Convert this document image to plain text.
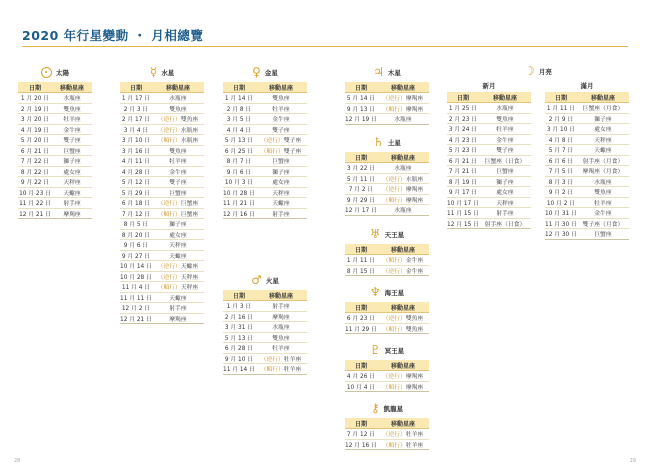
2020 年行星變動 ・ 月相總覽
太陽
日期	移動星座
1 月 20 日	水瓶座
2 月 19 日	雙魚座
3 月 20 日	牡羊座
4 月 19 日	金牛座
5 月 20 日	雙子座
6 月 21 日	巨蟹座
7 月 22 日	獅子座
8 月 22 日	處女座
9 月 22 日	天秤座
10 月 23 日	天蠍座
11 月 22 日	射手座
12 月 21 日	摩羯座
☿ 水星
日期	移動星座
1 月 17 日	水瓶座
2 月 3 日	雙魚座
2 月 17 日	（逆行）雙魚座
3 月 4 日	（逆行）水瓶座
3 月 10 日	（順行）水瓶座
3 月 16 日	雙魚座
4 月 11 日	牡羊座
4 月 28 日	金牛座
5 月 12 日	雙子座
5 月 29 日	巨蟹座
6 月 18 日	（逆行）巨蟹座
7 月 12 日	（順行）巨蟹座
8 月 5 日	獅子座
8 月 20 日	處女座
9 月 6 日	天秤座
9 月 27 日	天蠍座
10 月 14 日	（逆行）天蠍座
10 月 28 日	（逆行）天秤座
11 月 4 日	（順行）天秤座
11 月 11 日	天蠍座
12 月 2 日	射手座
12 月 21 日	摩羯座
♀ 金星
日期	移動星座
1 月 14 日	雙魚座
2 月 8 日	牡羊座
3 月 5 日	金牛座
4 月 4 日	雙子座
5 月 13 日	（逆行）雙子座
6 月 25 日	（順行）雙子座
8 月 7 日	巨蟹座
9 月 6 日	獅子座
10 月 3 日	處女座
10 月 28 日	天秤座
11 月 21 日	天蠍座
12 月 16 日	射手座
♂ 火星
日期	移動星座
1 月 3 日	射手座
2 月 16 日	摩羯座
3 月 31 日	水瓶座
5 月 13 日	雙魚座
6 月 28 日	牡羊座
9 月 10 日	（逆行）牡羊座
11 月 14 日	（順行）牡羊座
♃ 木星
日期	移動星座
5 月 14 日	（逆行）摩羯座
9 月 13 日	（順行）摩羯座
12 月 19 日	水瓶座
♄ 土星
日期	移動星座
3 月 22 日	水瓶座
5 月 11 日	（逆行）水瓶座
7 月 2 日	（逆行）摩羯座
9 月 29 日	（順行）摩羯座
12 月 17 日	水瓶座
♅ 天王星
日期	移動星座
1 月 11 日	（順行）金牛座
8 月 15 日	（逆行）金牛座
♆ 海王星
日期	移動星座
6 月 23 日	（逆行）雙魚座
11 月 29 日	（順行）雙魚座
♇ 冥王星
日期	移動星座
4 月 26 日	（逆行）摩羯座
10 月 4 日	（順行）摩羯座
⚷ 凱龍星
日期	移動星座
7 月 12 日	（逆行）牡羊座
12 月 16 日	（順行）牡羊座
☽ 月亮
新月
日期	移動星座
1 月 25 日	水瓶座
2 月 23 日	雙魚座
3 月 24 日	牡羊座
4 月 23 日	金牛座
5 月 23 日	雙子座
6 月 21 日	巨蟹座（日食）
7 月 21 日	巨蟹座
8 月 19 日	獅子座
9 月 17 日	處女座
10 月 17 日	天秤座
11 月 15 日	射手座
12 月 15 日	射手座（日食）
滿月
日期	移動星座
1 月 11 日	巨蟹座（月食）
2 月 9 日	獅子座
3 月 10 日	處女座
4 月 8 日	天秤座
5 月 7 日	天蠍座
6 月 6 日	射手座（月食）
7 月 5 日	摩羯座（月食）
8 月 3 日	水瓶座
9 月 2 日	雙魚座
10 月 2 日	牡羊座
10 月 31 日	金牛座
11 月 30 日	雙子座（月食）
12 月 30 日	巨蟹座
28	29
